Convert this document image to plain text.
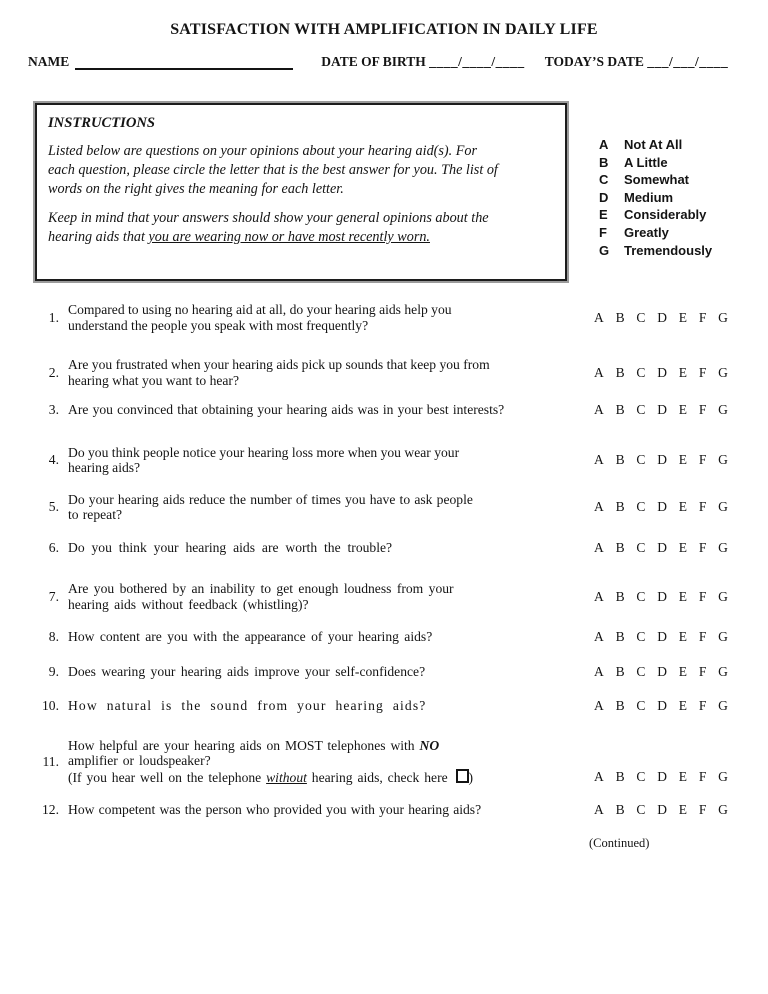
SATISFACTION WITH AMPLIFICATION IN DAILY LIFE
NAME	DATE OF BIRTH ____/____/____ TODAY’S DATE ___/___/____
INSTRUCTIONS

Listed below are questions on your opinions about your hearing aid(s). For
each question, please circle the letter that is the best answer for you. The list of
words on the right gives the meaning for each letter.

Keep in mind that your answers should show your general opinions about the
hearing aids that you are wearing now or have most recently worn.

A	Not At All
B	A Little
C	Somewhat
D	Medium
E	Considerably
F	Greatly
G	Tremendously
1.
Compared to using no hearing aid at all, do your hearing aids help you
understand the people you speak with most frequently?
A B C D E F G
2.
Are you frustrated when your hearing aids pick up sounds that keep you from
hearing what you want to hear?
A B C D E F G
3. Are you convinced that obtaining your hearing aids was in your best interests?	A B C D E F G
4.
Do you think people notice your hearing loss more when you wear your
hearing aids?
A B C D E F G
5.
Do your hearing aids reduce the number of times you have to ask people
to repeat?
A B C D E F G
6. Do you think your hearing aids are worth the trouble?	A B C D E F G
7.
Are you bothered by an inability to get enough loudness from your
hearing aids without feedback (whistling)?
A B C D E F G
8. How content are you with the appearance of your hearing aids?	A B C D E F G
9. Does wearing your hearing aids improve your self-confidence?	A B C D E F G
10. How natural is the sound from your hearing aids?	A B C D E F G
11.
How helpful are your hearing aids on MOST telephones with NO
amplifier or loudspeaker?
(If you hear well on the telephone without hearing aids, check here )	A B C D E F G
12. How competent was the person who provided you with your hearing aids?	A B C D E F G
(Continued)
